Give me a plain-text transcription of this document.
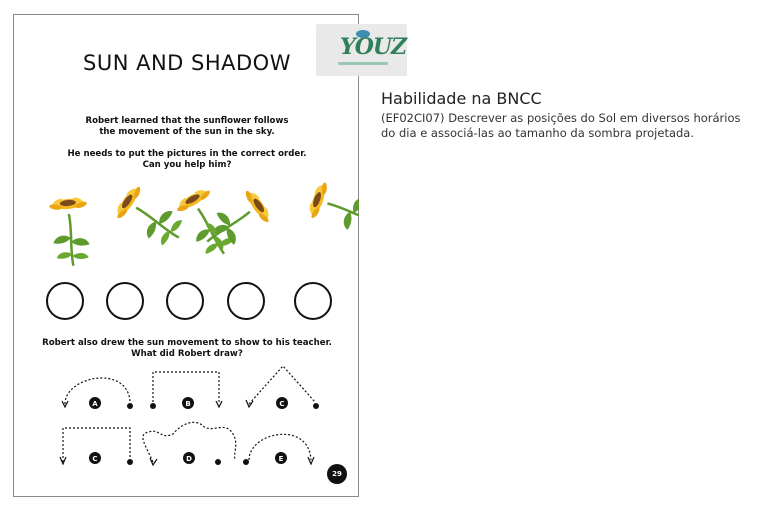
SUN AND SHADOW
Robert learned that the sunflower follows
the movement of the sun in the sky.
He needs to put the pictures in the correct order.
Can you help him?
Robert also drew the sun movement to show to his teacher.
What did Robert draw?
29
A	B	C
C	D	E
YOUZ
Habilidade na BNCC
(EF02CI07) Descrever as posições do Sol em diversos horários do dia e associá-las ao tamanho da sombra projetada.
